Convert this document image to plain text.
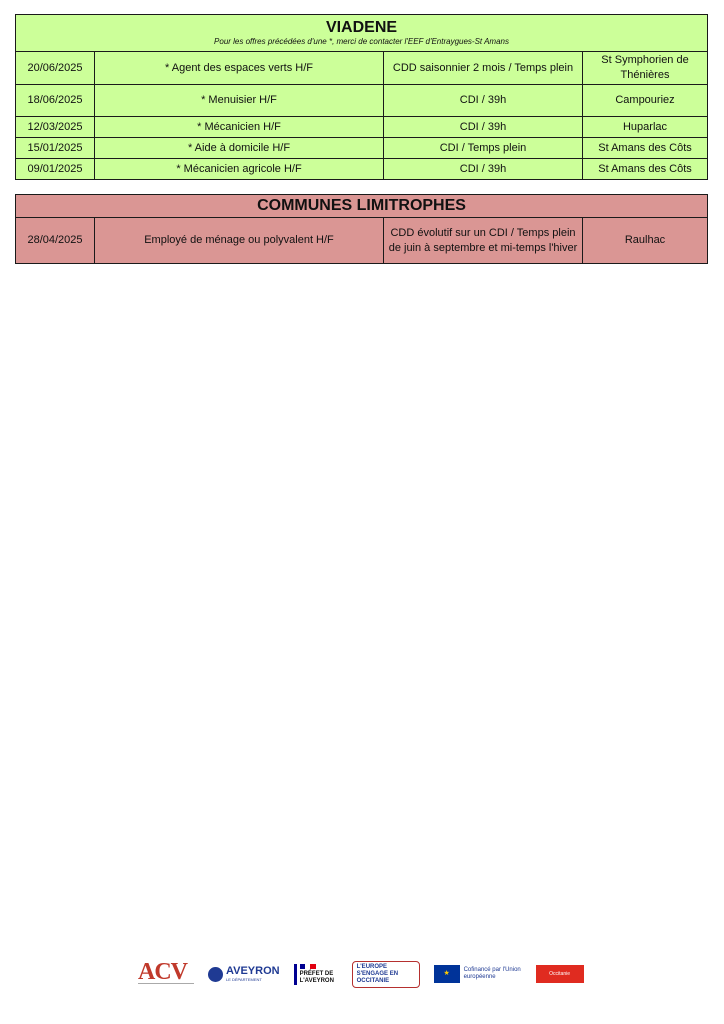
VIADENE
Pour les offres précédées d'une *, merci de contacter l'EEF d'Entraygues-St Amans			

20/06/2025	* Agent des espaces verts H/F	CDD saisonnier 2 mois / Temps plein	St Symphorien de Thénières
18/06/2025	* Menuisier H/F	CDI / 39h	Campouriez
12/03/2025	* Mécanicien H/F	CDI / 39h	Huparlac
15/01/2025	* Aide à domicile H/F	CDI / Temps plein	St Amans des Côts
09/01/2025	* Mécanicien agricole H/F	CDI / 39h	St Amans des Côts
COMMUNES LIMITROPHES
28/04/2025	Employé de ménage ou polyvalent H/F	CDD évolutif sur un CDI / Temps plein de juin à septembre et mi-temps l'hiver	Raulhac
ACV	AVEYRON
LE DÉPARTEMENT
PRÉFET DE L'AVEYRON
L'EUROPE S'ENGAGE EN OCCITANIE
★	Cofinancé par l'Union européenne	Occitanie
